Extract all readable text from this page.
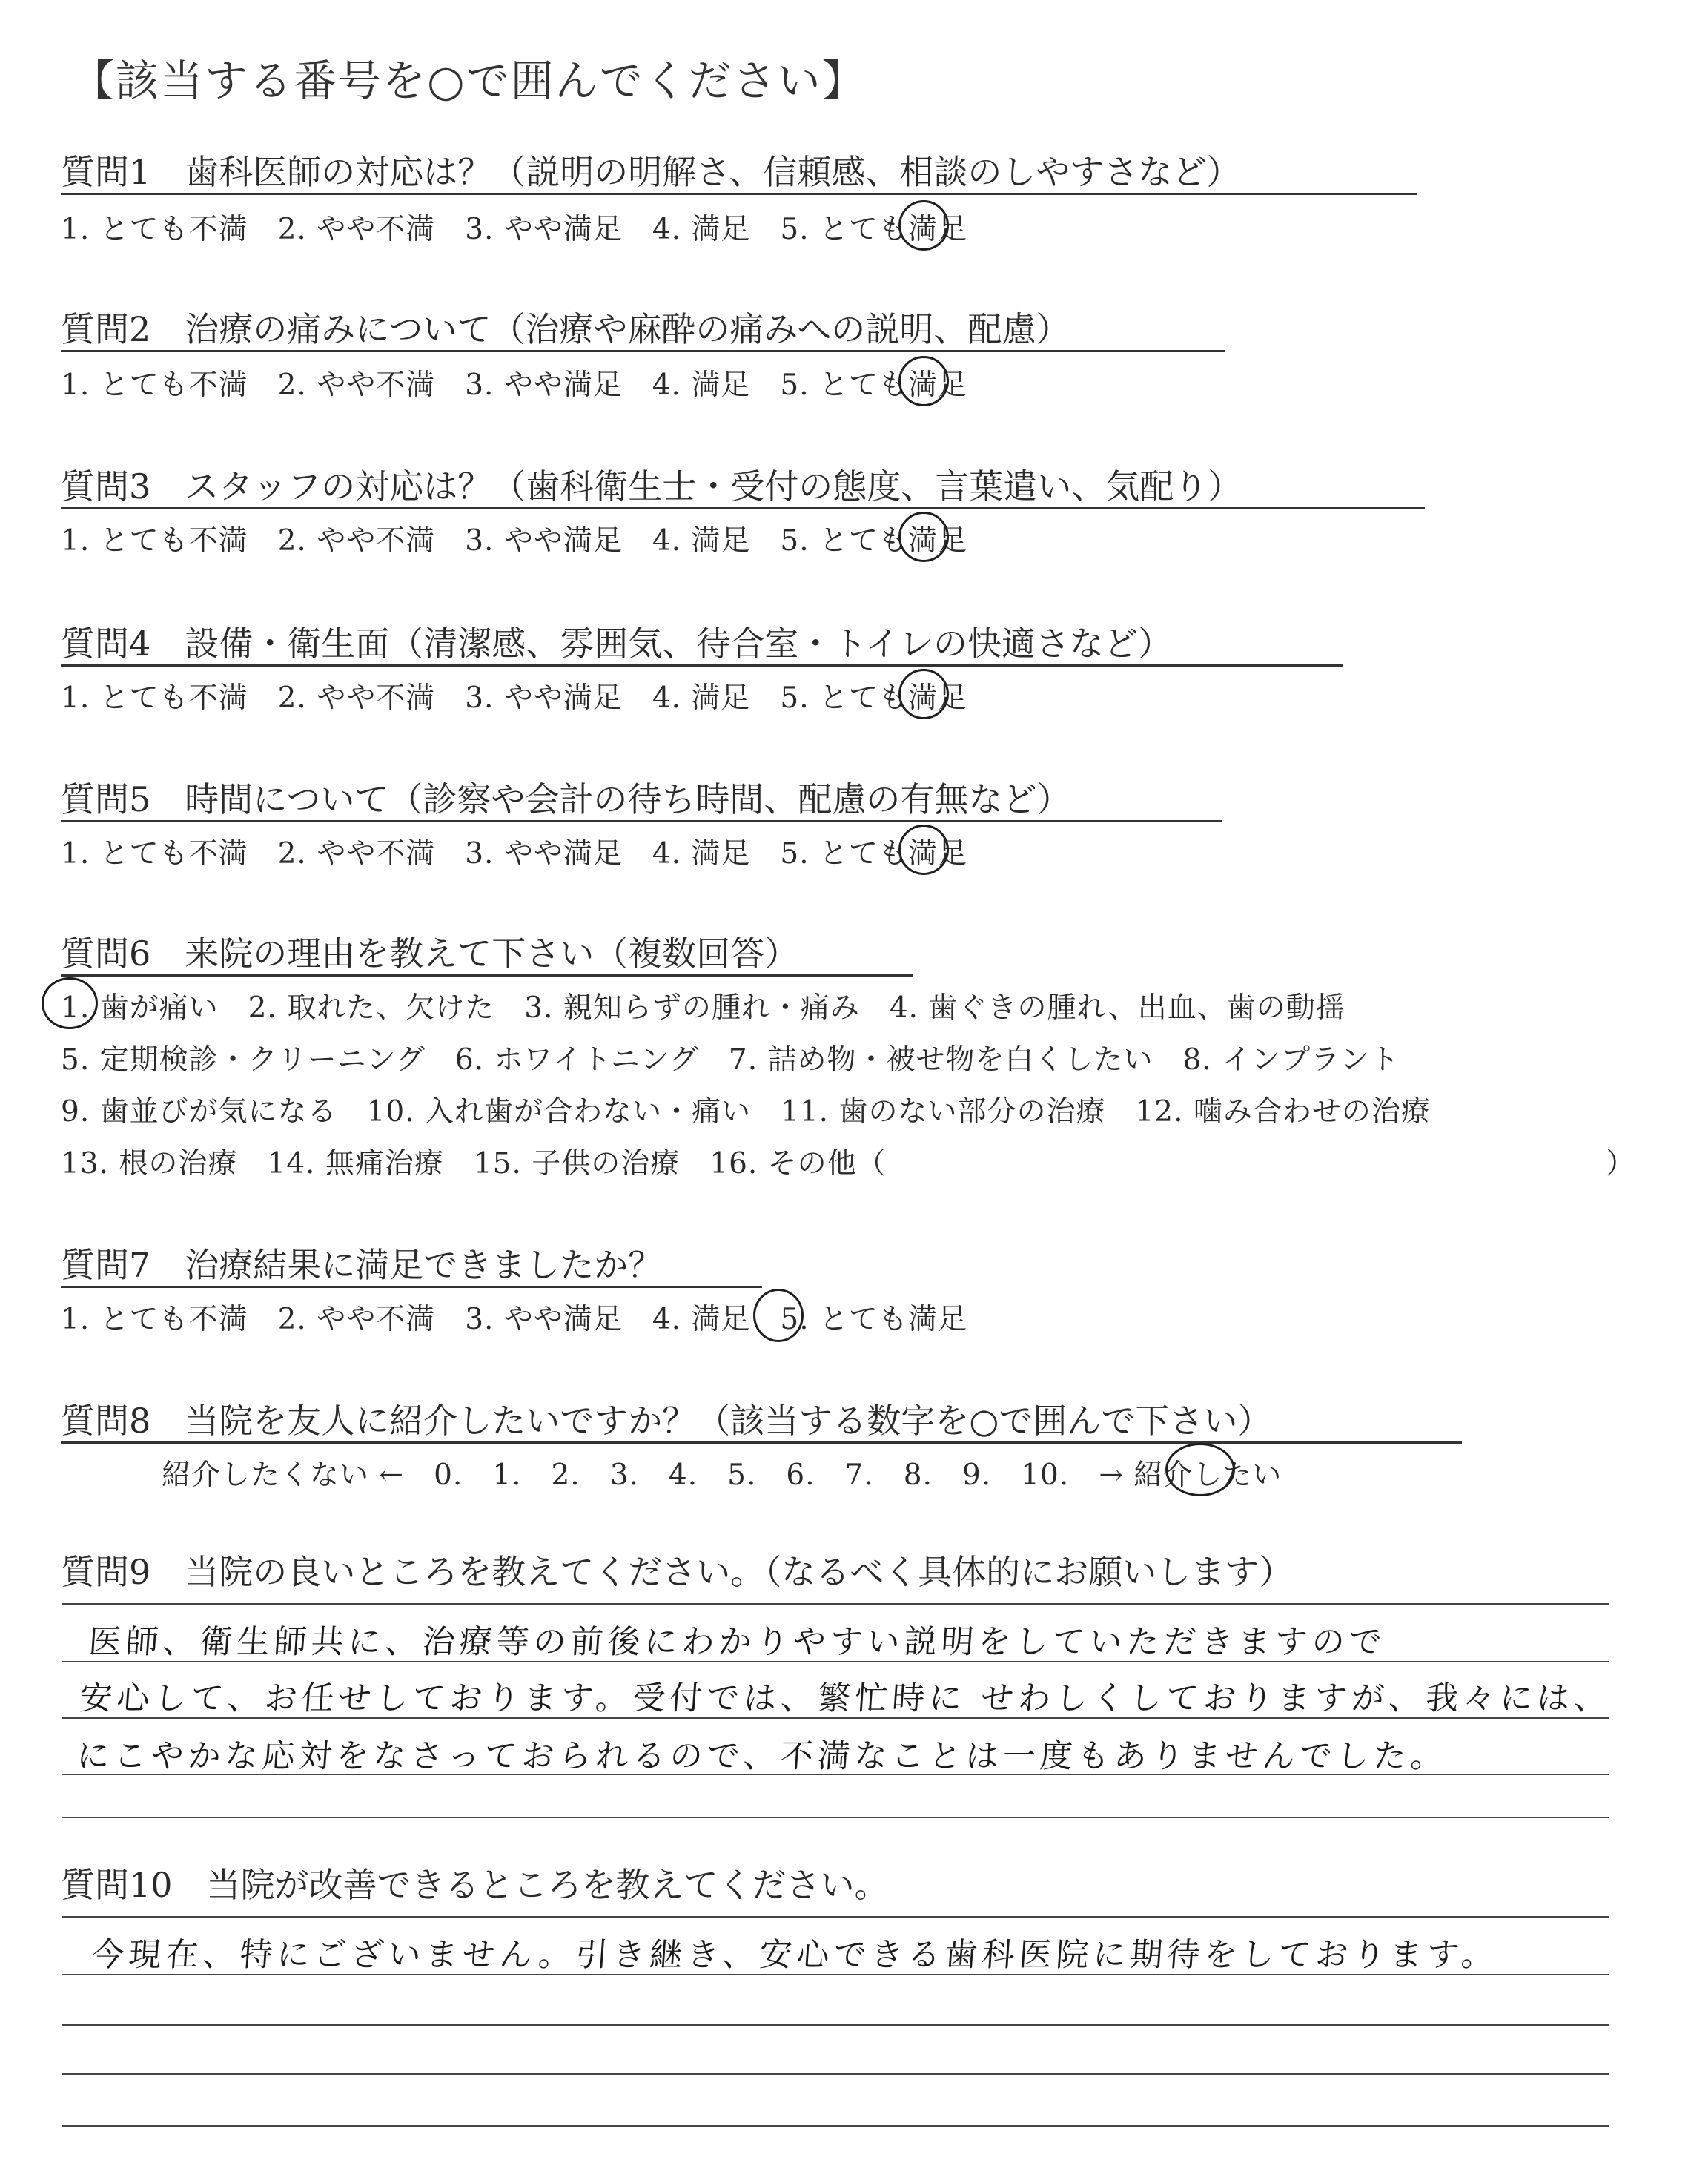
【該当する番号を○で囲んでください】
質問1　歯科医師の対応は？（説明の明解さ、信頼感、相談のしやすさなど）
1. とても不満　2. やや不満　3. やや満足　4. 満足　5. とても満足
質問2　治療の痛みについて（治療や麻酔の痛みへの説明、配慮）
1. とても不満　2. やや不満　3. やや満足　4. 満足　5. とても満足
質問3　スタッフの対応は？（歯科衛生士・受付の態度、言葉遣い、気配り）
1. とても不満　2. やや不満　3. やや満足　4. 満足　5. とても満足
質問4　設備・衛生面（清潔感、雰囲気、待合室・トイレの快適さなど）
1. とても不満　2. やや不満　3. やや満足　4. 満足　5. とても満足
質問5　時間について（診察や会計の待ち時間、配慮の有無など）
1. とても不満　2. やや不満　3. やや満足　4. 満足　5. とても満足
質問6　来院の理由を教えて下さい（複数回答）
1. 歯が痛い　2. 取れた、欠けた　3. 親知らずの腫れ・痛み　4. 歯ぐきの腫れ、出血、歯の動揺
5. 定期検診・クリーニング　6. ホワイトニング　7. 詰め物・被せ物を白くしたい　8. インプラント
9. 歯並びが気になる　10. 入れ歯が合わない・痛い　11. 歯のない部分の治療　12. 噛み合わせの治療
13. 根の治療　14. 無痛治療　15. 子供の治療　16. その他（	）
質問7　治療結果に満足できましたか？
1. とても不満　2. やや不満　3. やや満足　4. 満足　5. とても満足
質問8　当院を友人に紹介したいですか？（該当する数字を○で囲んで下さい）
紹介したくない ←　0.　1.　2.　3.　4.　5.　6.　7.　8.　9.　10.　→ 紹介したい
質問9　当院の良いところを教えてください。（なるべく具体的にお願いします）
医師、衛生師共に、治療等の前後にわかりやすい説明をしていただきますので
安心して、お任せしております。受付では、繁忙時に せわしくしておりますが、我々には、
にこやかな応対をなさっておられるので、不満なことは一度もありませんでした。
質問10　当院が改善できるところを教えてください。
今現在、特にございません。引き継き、安心できる歯科医院に期待をしております。
